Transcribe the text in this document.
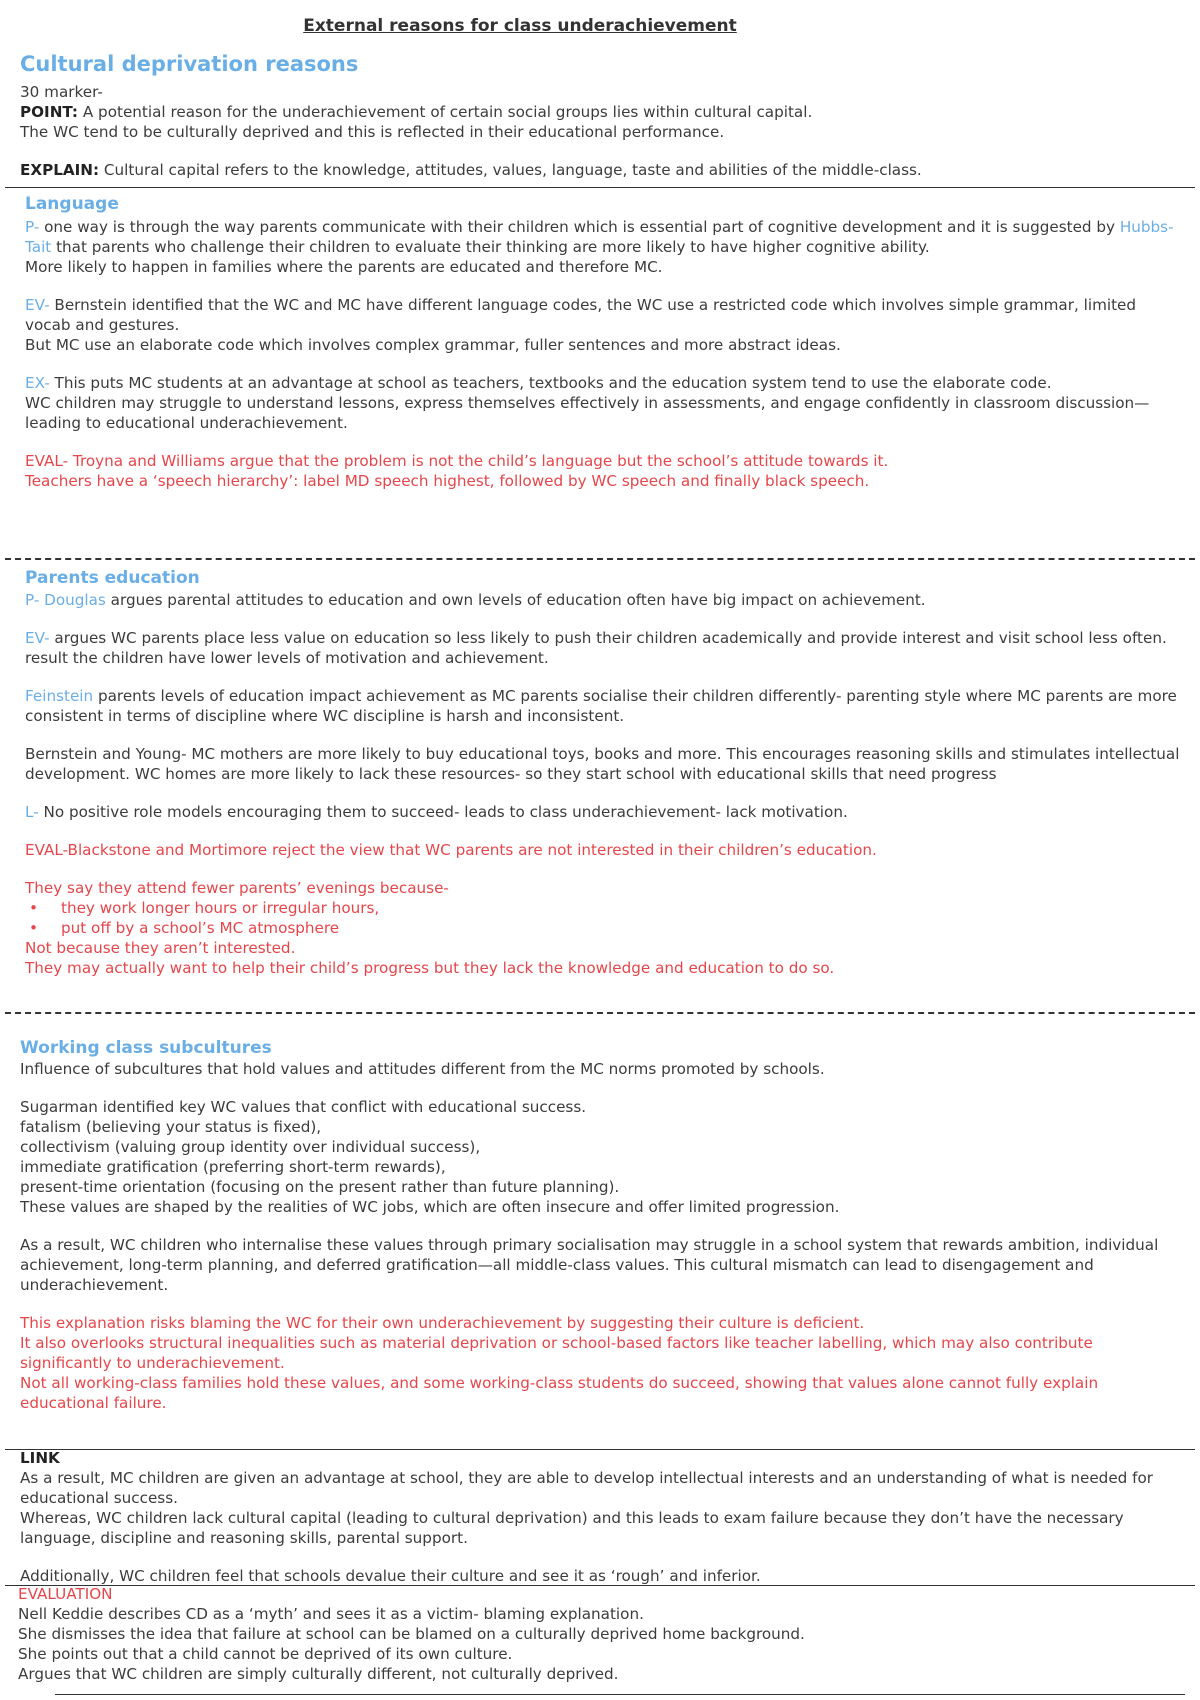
External reasons for class underachievement
Cultural deprivation reasons

30 marker-

POINT: A potential reason for the underachievement of certain social groups lies within cultural capital.

The WC tend to be culturally deprived and this is reflected in their educational performance.

EXPLAIN: Cultural capital refers to the knowledge, attitudes, values, language, taste and abilities of the middle-class.

Language

P- one way is through the way parents communicate with their children which is essential part of cognitive development and it is suggested by Hubbs-Tait that parents who challenge their children to evaluate their thinking are more likely to have higher cognitive ability.

More likely to happen in families where the parents are educated and therefore MC.

EV- Bernstein identified that the WC and MC have different language codes, the WC use a restricted code which involves simple grammar, limited vocab and gestures.

But MC use an elaborate code which involves complex grammar, fuller sentences and more abstract ideas.

EX- This puts MC students at an advantage at school as teachers, textbooks and the education system tend to use the elaborate code.

WC children may struggle to understand lessons, express themselves effectively in assessments, and engage confidently in classroom discussion—leading to educational underachievement.

EVAL- Troyna and Williams argue that the problem is not the child’s language but the school’s attitude towards it.

Teachers have a ‘speech hierarchy’: label MD speech highest, followed by WC speech and finally black speech.

Parents education

P- Douglas argues parental attitudes to education and own levels of education often have big impact on achievement.

EV- argues WC parents place less value on education so less likely to push their children academically and provide interest and visit school less often.

result the children have lower levels of motivation and achievement.

Feinstein parents levels of education impact achievement as MC parents socialise their children differently- parenting style where MC parents are more consistent in terms of discipline where WC discipline is harsh and inconsistent.

Bernstein and Young- MC mothers are more likely to buy educational toys, books and more. This encourages reasoning skills and stimulates intellectual development. WC homes are more likely to lack these resources- so they start school with educational skills that need progress

L- No positive role models encouraging them to succeed- leads to class underachievement- lack motivation.

EVAL-Blackstone and Mortimore reject the view that WC parents are not interested in their children’s education.

They say they attend fewer parents’ evenings because-

• they work longer hours or irregular hours,

• put off by a school’s MC atmosphere

Not because they aren’t interested.

They may actually want to help their child’s progress but they lack the knowledge and education to do so.

Working class subcultures

Influence of subcultures that hold values and attitudes different from the MC norms promoted by schools.

Sugarman identified key WC values that conflict with educational success.

fatalism (believing your status is fixed),

collectivism (valuing group identity over individual success),

immediate gratification (preferring short-term rewards),

present-time orientation (focusing on the present rather than future planning).

These values are shaped by the realities of WC jobs, which are often insecure and offer limited progression.

As a result, WC children who internalise these values through primary socialisation may struggle in a school system that rewards ambition, individual achievement, long-term planning, and deferred gratification—all middle-class values. This cultural mismatch can lead to disengagement and underachievement.

This explanation risks blaming the WC for their own underachievement by suggesting their culture is deficient.

It also overlooks structural inequalities such as material deprivation or school-based factors like teacher labelling, which may also contribute significantly to underachievement.

Not all working-class families hold these values, and some working-class students do succeed, showing that values alone cannot fully explain educational failure.

LINK

As a result, MC children are given an advantage at school, they are able to develop intellectual interests and an understanding of what is needed for educational success.

Whereas, WC children lack cultural capital (leading to cultural deprivation) and this leads to exam failure because they don’t have the necessary language, discipline and reasoning skills, parental support.

Additionally, WC children feel that schools devalue their culture and see it as ‘rough’ and inferior.

EVALUATION

Nell Keddie describes CD as a ‘myth’ and sees it as a victim- blaming explanation.

She dismisses the idea that failure at school can be blamed on a culturally deprived home background.

She points out that a child cannot be deprived of its own culture.

Argues that WC children are simply culturally different, not culturally deprived.
